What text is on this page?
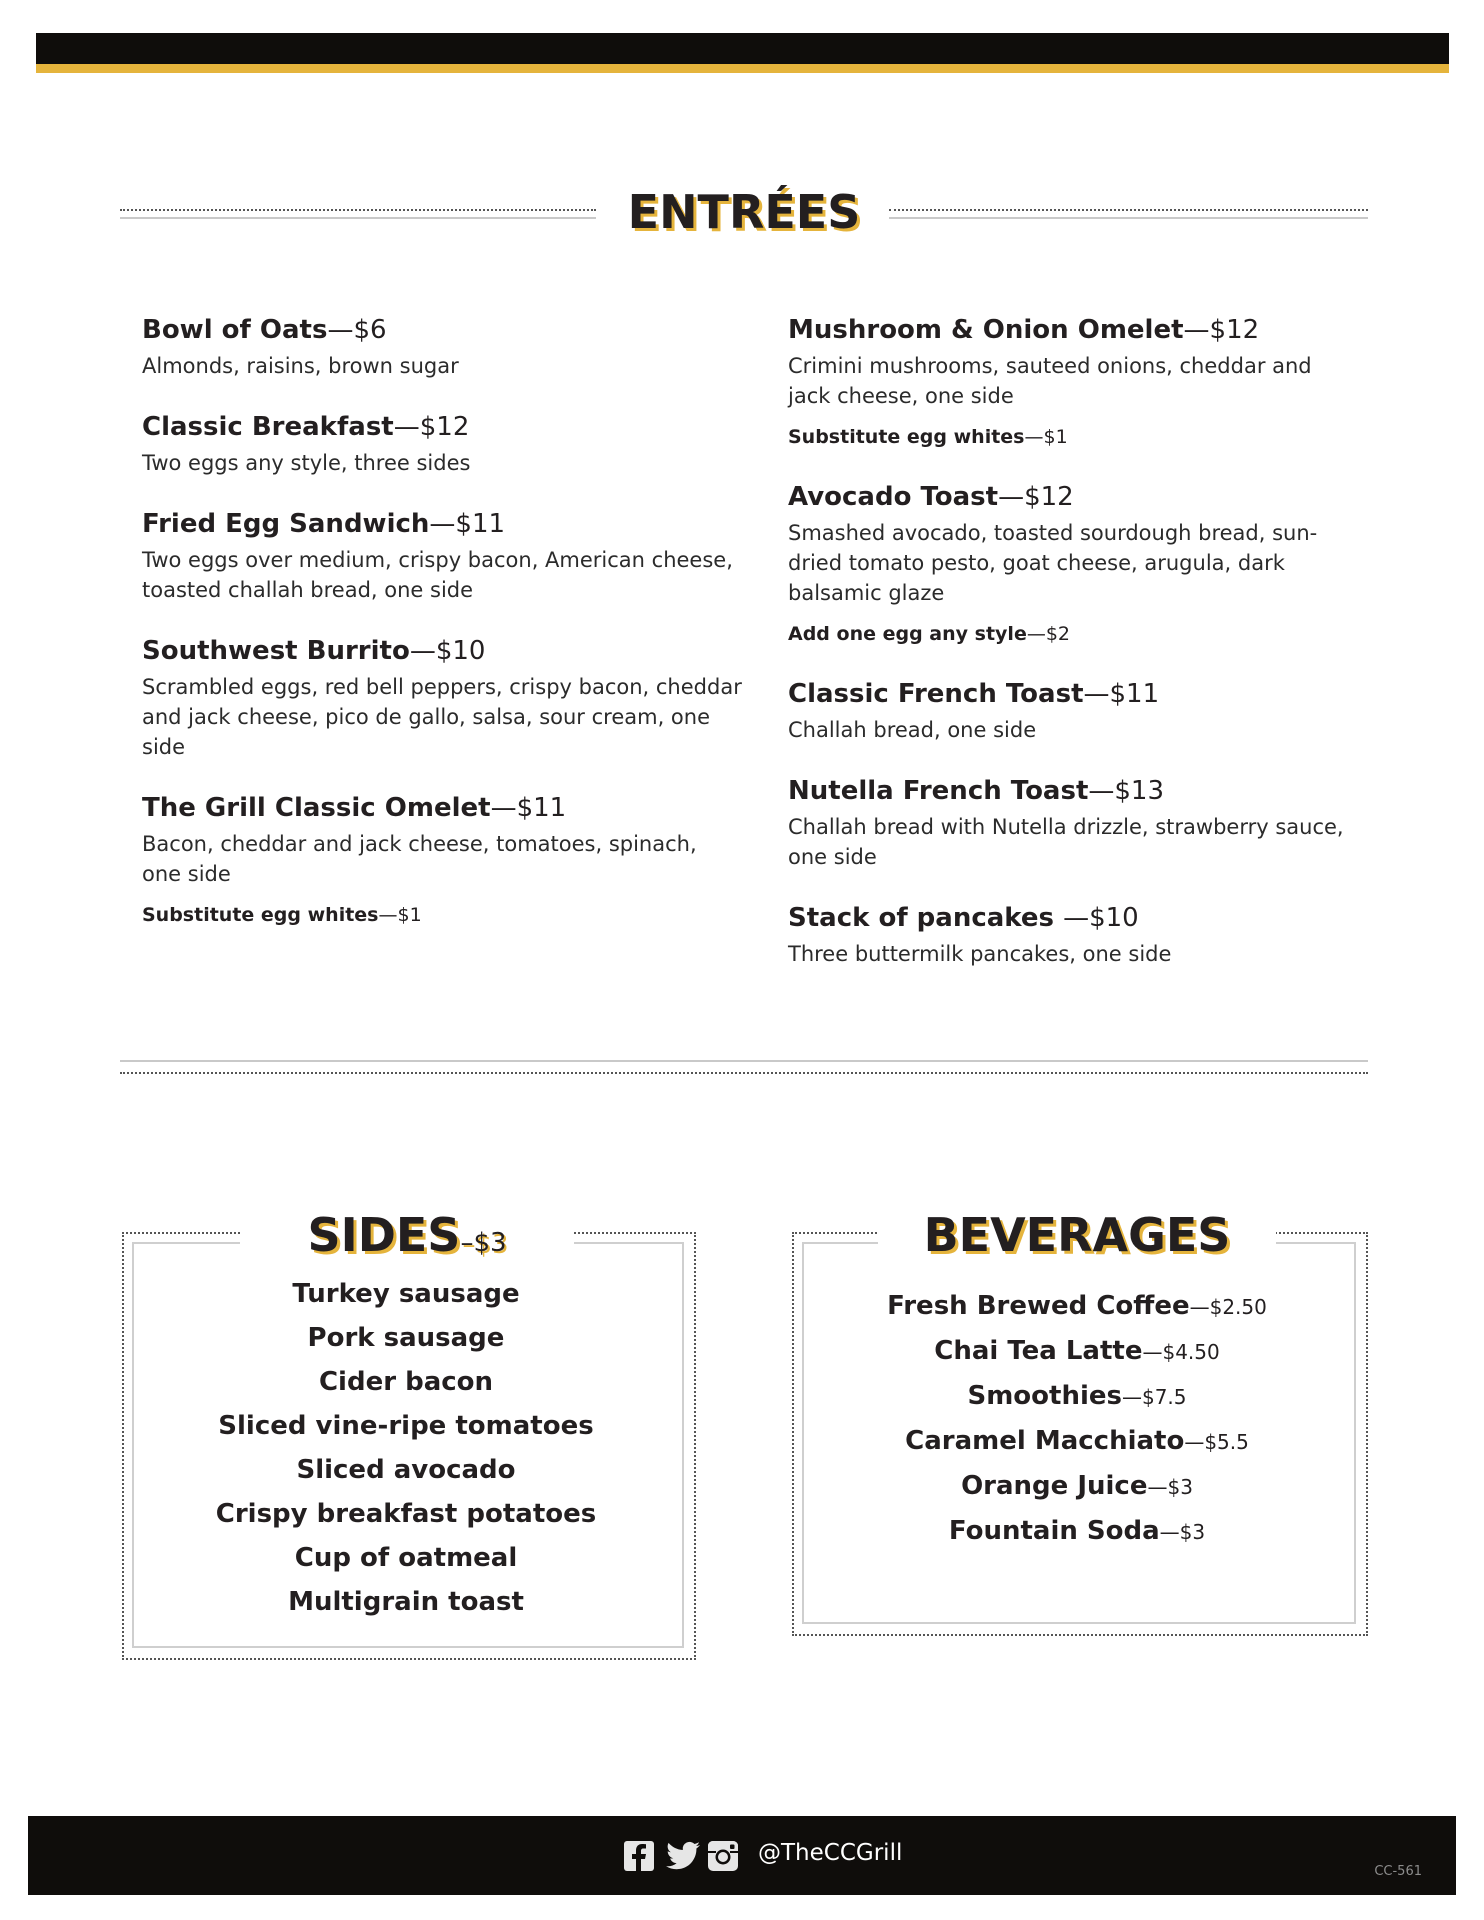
ENTRÉES
Bowl of Oats—$6
Almonds, raisins, brown sugar
Classic Breakfast—$12
Two eggs any style, three sides
Fried Egg Sandwich—$11
Two eggs over medium, crispy bacon, American cheese, toasted challah bread, one side
Southwest Burrito—$10
Scrambled eggs, red bell peppers, crispy bacon, cheddar and jack cheese, pico de gallo, salsa, sour cream, one side
The Grill Classic Omelet—$11
Bacon, cheddar and jack cheese, tomatoes, spinach, one side
Substitute egg whites—$1
Mushroom & Onion Omelet—$12
Crimini mushrooms, sauteed onions, cheddar and jack cheese, one side
Substitute egg whites—$1
Avocado Toast—$12
Smashed avocado, toasted sourdough bread, sun-dried tomato pesto, goat cheese, arugula, dark balsamic glaze
Add one egg any style—$2
Classic French Toast—$11
Challah bread, one side
Nutella French Toast—$13
Challah bread with Nutella drizzle, strawberry sauce, one side
Stack of pancakes —$10
Three buttermilk pancakes, one side
SIDES–$3
Turkey sausage
Pork sausage
Cider bacon
Sliced vine-ripe tomatoes
Sliced avocado
Crispy breakfast potatoes
Cup of oatmeal
Multigrain toast
BEVERAGES
Fresh Brewed Coffee—$2.50
Chai Tea Latte—$4.50
Smoothies—$7.5
Caramel Macchiato—$5.5
Orange Juice—$3
Fountain Soda—$3
@TheCCGrill
CC-561
